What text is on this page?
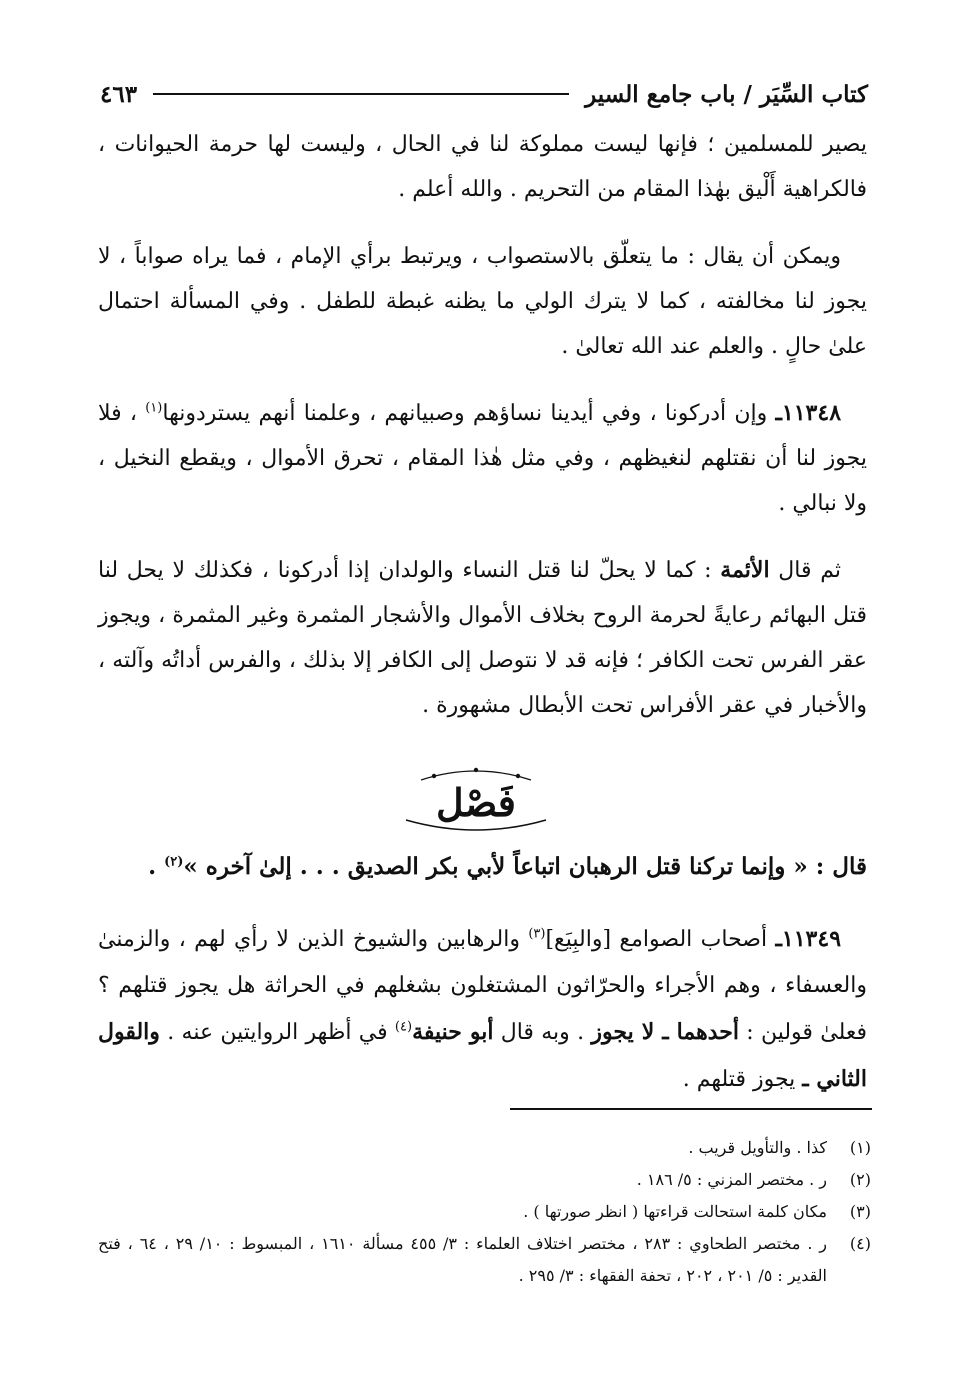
كتاب السِّيَر / باب جامع السير
٤٦٣

يصير للمسلمين ؛ فإنها ليست مملوكة لنا في الحال ، وليست لها حرمة الحيوانات ، فالكراهية أَلْيق بهٰذا المقام من التحريم . والله أعلم .

ويمكن أن يقال : ما يتعلّق بالاستصواب ، ويرتبط برأي الإمام ، فما يراه صواباً ، لا يجوز لنا مخالفته ، كما لا يترك الولي ما يظنه غبطة للطفل . وفي المسألة احتمال علىٰ حالٍ . والعلم عند الله تعالىٰ .

١١٣٤٨ـ وإن أدركونا ، وفي أيدينا نساؤهم وصبيانهم ، وعلمنا أنهم يستردونها$^{(١)}$ ، فلا يجوز لنا أن نقتلهم لنغيظهم ، وفي مثل هٰذا المقام ، تحرق الأموال ، ويقطع النخيل ، ولا نبالي .

ثم قال الأئمة : كما لا يحلّ لنا قتل النساء والولدان إذا أدركونا ، فكذلك لا يحل لنا قتل البهائم رعايةً لحرمة الروح بخلاف الأموال والأشجار المثمرة وغير المثمرة ، ويجوز عقر الفرس تحت الكافر ؛ فإنه قد لا نتوصل إلى الكافر إلا بذلك ، والفرس أداتُه وآلته ، والأخبار في عقر الأفراس تحت الأبطال مشهورة .

فَصْل
قال : « وإنما تركنا قتل الرهبان اتباعاً لأبي بكر الصديق . . . إلىٰ آخره »$^{(٢)}$ .

١١٣٤٩ـ أصحاب الصوامع [والبِيَع]$^{(٣)}$ والرهابين والشيوخ الذين لا رأي لهم ، والزمنىٰ والعسفاء ، وهم الأجراء والحرّاثون المشتغلون بشغلهم في الحراثة هل يجوز قتلهم ؟ فعلىٰ قولين : أحدهما ـ لا يجوز . وبه قال أبو حنيفة$^{(٤)}$ في أظهر الروايتين عنه . والقول الثاني ـ يجوز قتلهم .

(١)
كذا . والتأويل قريب .
(٢)
ر . مختصر المزني : ٥/ ١٨٦ .
(٣)
مكان كلمة استحالت قراءتها ( انظر صورتها ) .
(٤)
ر . مختصر الطحاوي : ٢٨٣ ، مختصر اختلاف العلماء : ٣/ ٤٥٥ مسألة ١٦١٠ ، المبسوط : ١٠/ ٢٩ ، ٦٤ ، فتح القدير : ٥/ ٢٠١ ، ٢٠٢ ، تحفة الفقهاء : ٣/ ٢٩٥ .
